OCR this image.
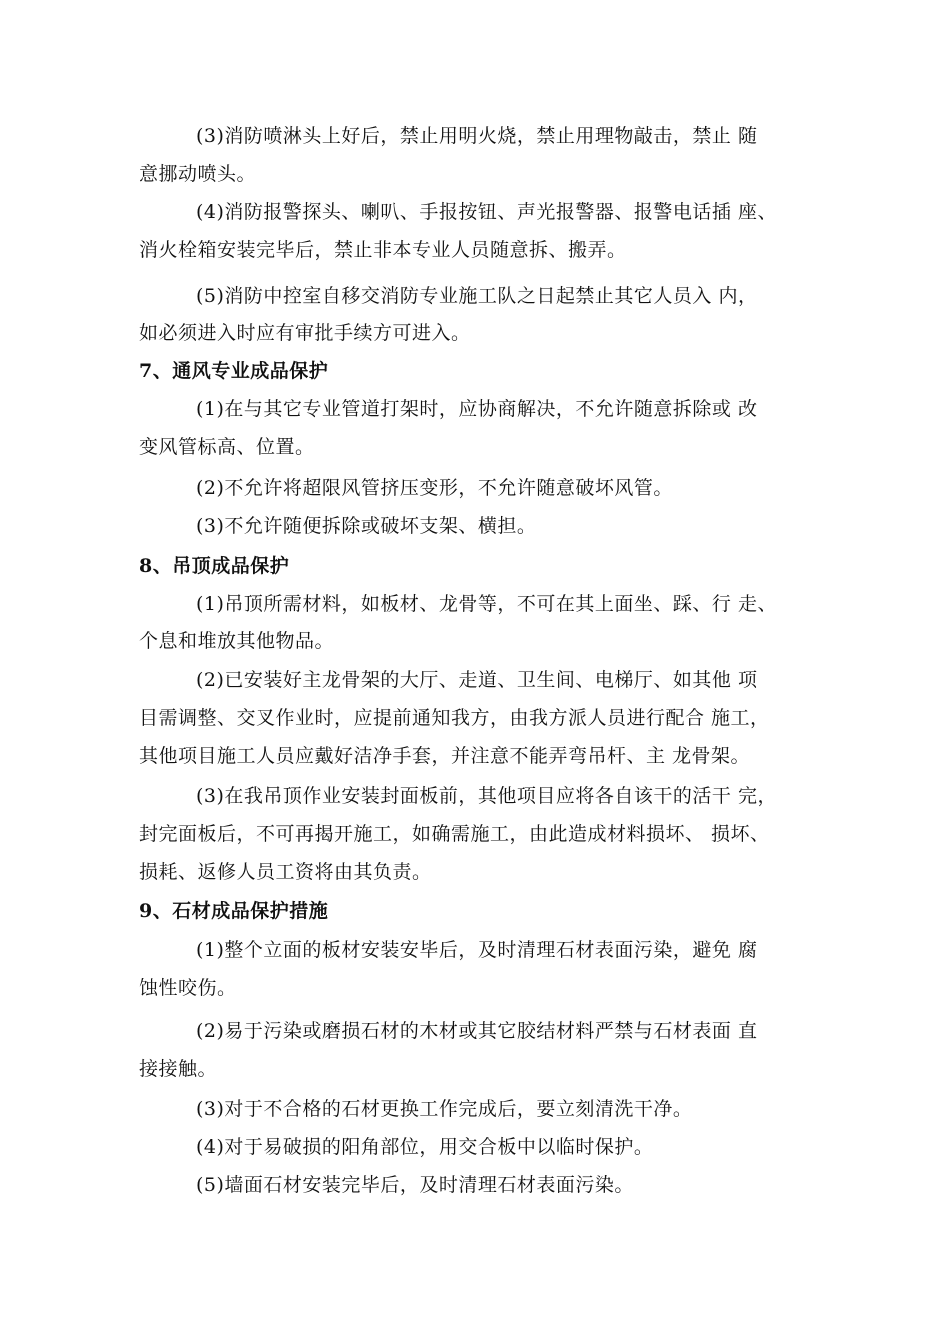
(3)消防喷淋头上好后，禁止用明火烧，禁止用理物敲击，禁止 随
意挪动喷头。
(4)消防报警探头、喇叭、手报按钮、声光报警器、报警电话插 座、
消火栓箱安装完毕后，禁止非本专业人员随意拆、搬弄。
(5)消防中控室自移交消防专业施工队之日起禁止其它人员入 内，
如必须进入时应有审批手续方可进入。
7、通风专业成品保护
(1)在与其它专业管道打架时，应协商解决，不允许随意拆除或 改
变风管标高、位置。
(2)不允许将超限风管挤压变形，不允许随意破坏风管。
(3)不允许随便拆除或破坏支架、横担。
8、吊顶成品保护
(1)吊顶所需材料，如板材、龙骨等，不可在其上面坐、踩、行 走、
个息和堆放其他物品。
(2)已安装好主龙骨架的大厅、走道、卫生间、电梯厅、如其他 项
目需调整、交叉作业时，应提前通知我方，由我方派人员进行配合 施工，
其他项目施工人员应戴好洁净手套，并注意不能弄弯吊杆、主 龙骨架。
(3)在我吊顶作业安装封面板前，其他项目应将各自该干的活干 完，
封完面板后，不可再揭开施工，如确需施工，由此造成材料损坏、 损坏、
损耗、返修人员工资将由其负责。
9、石材成品保护措施
(1)整个立面的板材安装安毕后，及时清理石材表面污染，避免 腐
蚀性咬伤。
(2)易于污染或磨损石材的木材或其它胶结材料严禁与石材表面 直
接接触。
(3)对于不合格的石材更换工作完成后，要立刻清洗干净。
(4)对于易破损的阳角部位，用交合板中以临时保护。
(5)墙面石材安装完毕后，及时清理石材表面污染。
